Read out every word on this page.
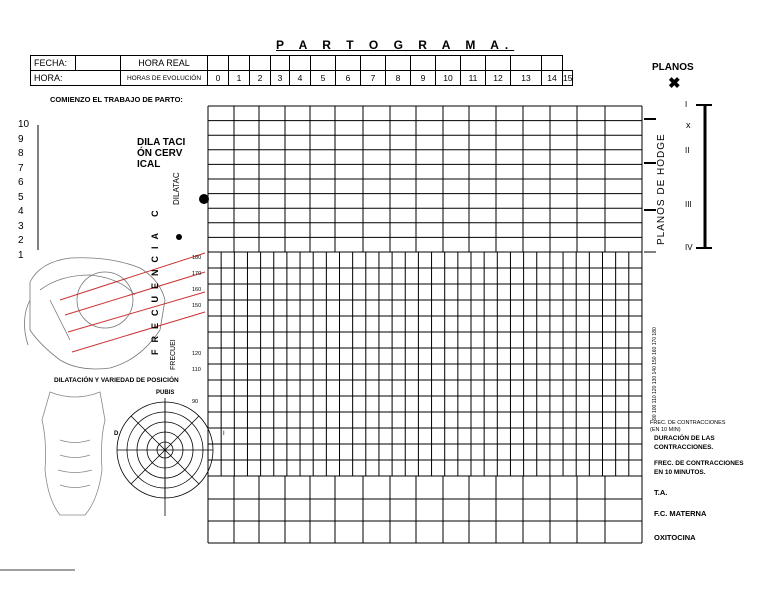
P A R T O G R A M A.
FECHA:		HORA REAL																
HORA:		HORAS DE EVOLUCIÓN	0	1	2	3	4	5	6	7	8	9	10	11	12	13	14	15
PLANOS
✖
COMIENZO EL TRABAJO DE PARTO:
10
9
8
7
6
5
4
3
2
1
DILA TACI ÓN CERV ICAL
DILATAC	PLANOS DE HODGE
x
I
II
III
IV
180
170
160
150
120
110
90
FRECUENCIA C FRECUEI	90 100 110 120 130 140 150 160 170 180
DILATACIÓN Y VARIEDAD DE POSICIÓN
PUBIS
D	I
FREC. DE CONTRACCIONES (EN 10 MIN)
DURACIÓN DE LAS CONTRACCIONES.
FREC. DE CONTRACCIONES EN 10 MINUTOS.
T.A.
F.C. MATERNA
OXITOCINA
